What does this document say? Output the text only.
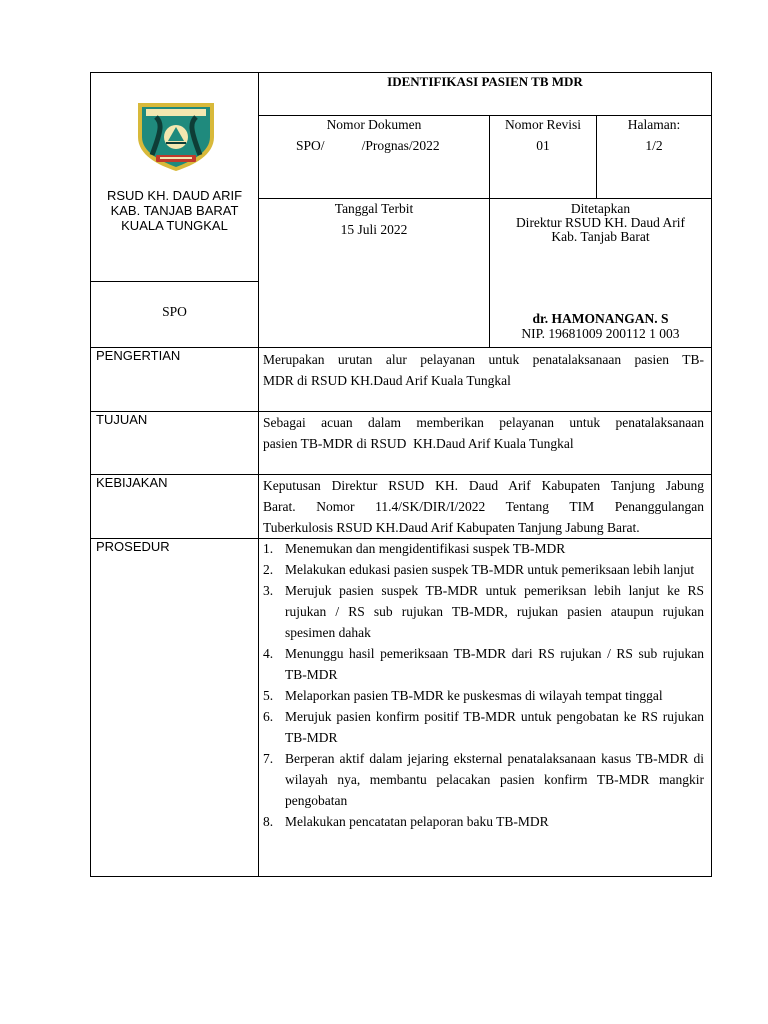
RSUD KH. DAUD ARIF
KAB. TANJAB BARAT
KUALA TUNGKAL
SPO
IDENTIFIKASI PASIEN TB MDR
Nomor Dokumen
SPO/           /Prognas/2022
Nomor Revisi
01
Halaman:
1/2
Tanggal Terbit
15 Juli 2022
Ditetapkan
Direktur RSUD KH. Daud Arif
Kab. Tanjab Barat
dr. HAMONANGAN. S
NIP. 19681009 200112 1 003
PENGERTIAN	Merupakan urutan alur pelayanan untuk penatalaksanaan pasien TB-
MDR di RSUD KH.Daud Arif Kuala Tungkal
TUJUAN	Sebagai acuan dalam memberikan pelayanan untuk penatalaksanaan
pasien TB-MDR di RSUD  KH.Daud Arif Kuala Tungkal
KEBIJAKAN	Keputusan Direktur RSUD KH. Daud Arif Kabupaten Tanjung Jabung
Barat. Nomor 11.4/SK/DIR/I/2022 Tentang TIM Penanggulangan
Tuberkulosis RSUD KH.Daud Arif Kabupaten Tanjung Jabung Barat.
PROSEDUR	1. Menemukan dan mengidentifikasi suspek TB-MDR
2. Melakukan edukasi pasien suspek TB-MDR untuk pemeriksaan lebih lanjut
3. Merujuk pasien suspek TB-MDR untuk pemeriksan lebih lanjut ke RS rujukan / RS sub rujukan TB-MDR, rujukan pasien ataupun rujukan spesimen dahak
4. Menunggu hasil pemeriksaan TB-MDR dari RS rujukan / RS sub rujukan TB-MDR
5. Melaporkan pasien TB-MDR ke puskesmas di wilayah tempat tinggal
6. Merujuk pasien konfirm positif TB-MDR untuk pengobatan ke RS rujukan TB-MDR
7. Berperan aktif dalam jejaring eksternal penatalaksanaan kasus TB-MDR di wilayah nya, membantu pelacakan pasien konfirm TB-MDR mangkir pengobatan
8. Melakukan pencatatan pelaporan baku TB-MDR
